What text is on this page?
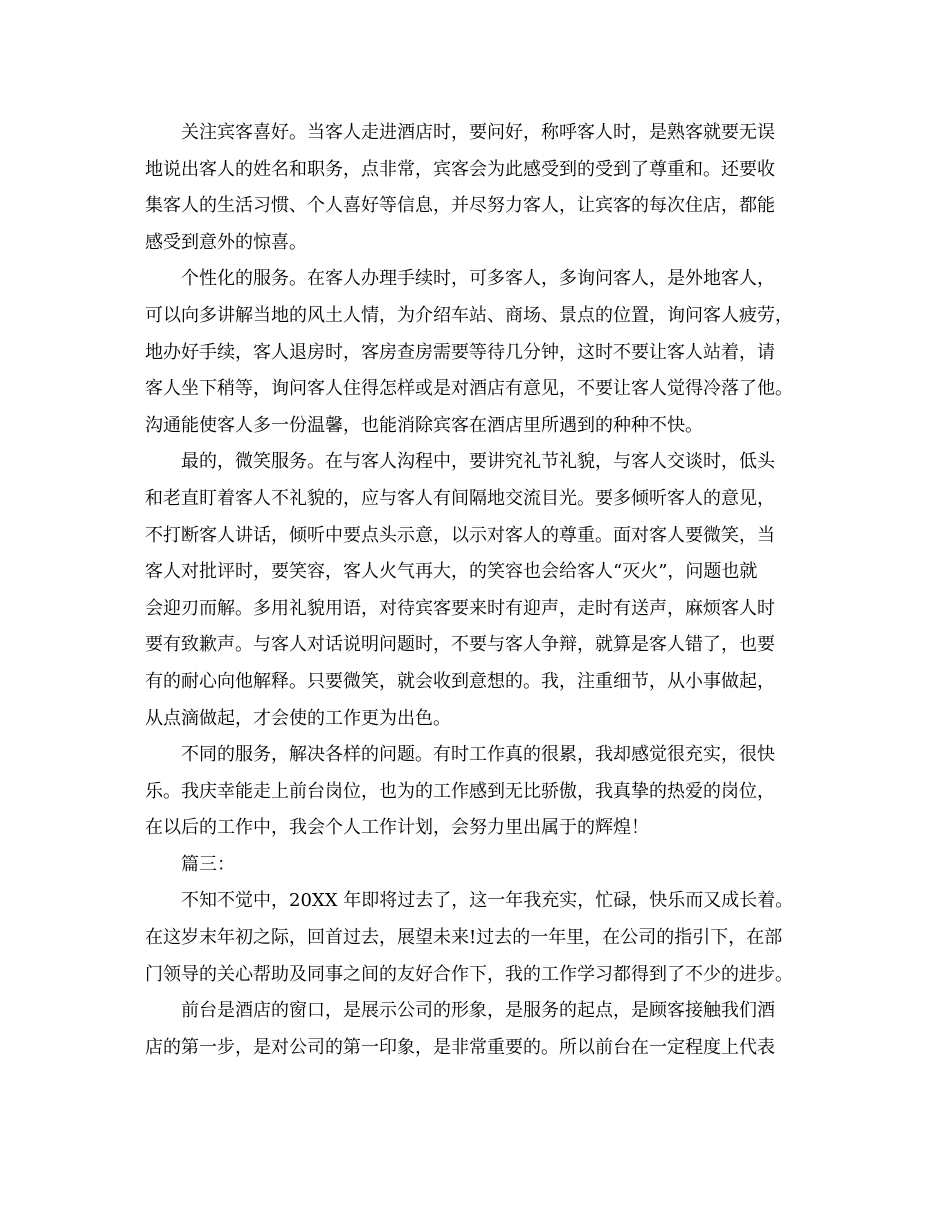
关注宾客喜好。当客人走进酒店时，要问好，称呼客人时，是熟客就要无误
地说出客人的姓名和职务，点非常，宾客会为此感受到的受到了尊重和。还要收
集客人的生活习惯、个人喜好等信息，并尽努力客人，让宾客的每次住店，都能
感受到意外的惊喜。
个性化的服务。在客人办理手续时，可多客人，多询问客人，是外地客人，
可以向多讲解当地的风土人情，为介绍车站、商场、景点的位置，询问客人疲劳，
地办好手续，客人退房时，客房查房需要等待几分钟，这时不要让客人站着，请
客人坐下稍等，询问客人住得怎样或是对酒店有意见，不要让客人觉得冷落了他。
沟通能使客人多一份温馨，也能消除宾客在酒店里所遇到的种种不快。
最的，微笑服务。在与客人沟程中，要讲究礼节礼貌，与客人交谈时，低头
和老直盯着客人不礼貌的，应与客人有间隔地交流目光。要多倾听客人的意见，
不打断客人讲话，倾听中要点头示意，以示对客人的尊重。面对客人要微笑，当
客人对批评时，要笑容，客人火气再大，的笑容也会给客人“灭火”，问题也就
会迎刃而解。多用礼貌用语，对待宾客要来时有迎声，走时有送声，麻烦客人时
要有致歉声。与客人对话说明问题时，不要与客人争辩，就算是客人错了，也要
有的耐心向他解释。只要微笑，就会收到意想的。我，注重细节，从小事做起，
从点滴做起，才会使的工作更为出色。
不同的服务，解决各样的问题。有时工作真的很累，我却感觉很充实，很快
乐。我庆幸能走上前台岗位，也为的工作感到无比骄傲，我真挚的热爱的岗位，
在以后的工作中，我会个人工作计划，会努力里出属于的辉煌！
篇三：
不知不觉中，20XX 年即将过去了，这一年我充实，忙碌，快乐而又成长着。
在这岁末年初之际，回首过去，展望未来!过去的一年里，在公司的指引下，在部
门领导的关心帮助及同事之间的友好合作下，我的工作学习都得到了不少的进步。
前台是酒店的窗口，是展示公司的形象，是服务的起点，是顾客接触我们酒
店的第一步，是对公司的第一印象，是非常重要的。所以前台在一定程度上代表
